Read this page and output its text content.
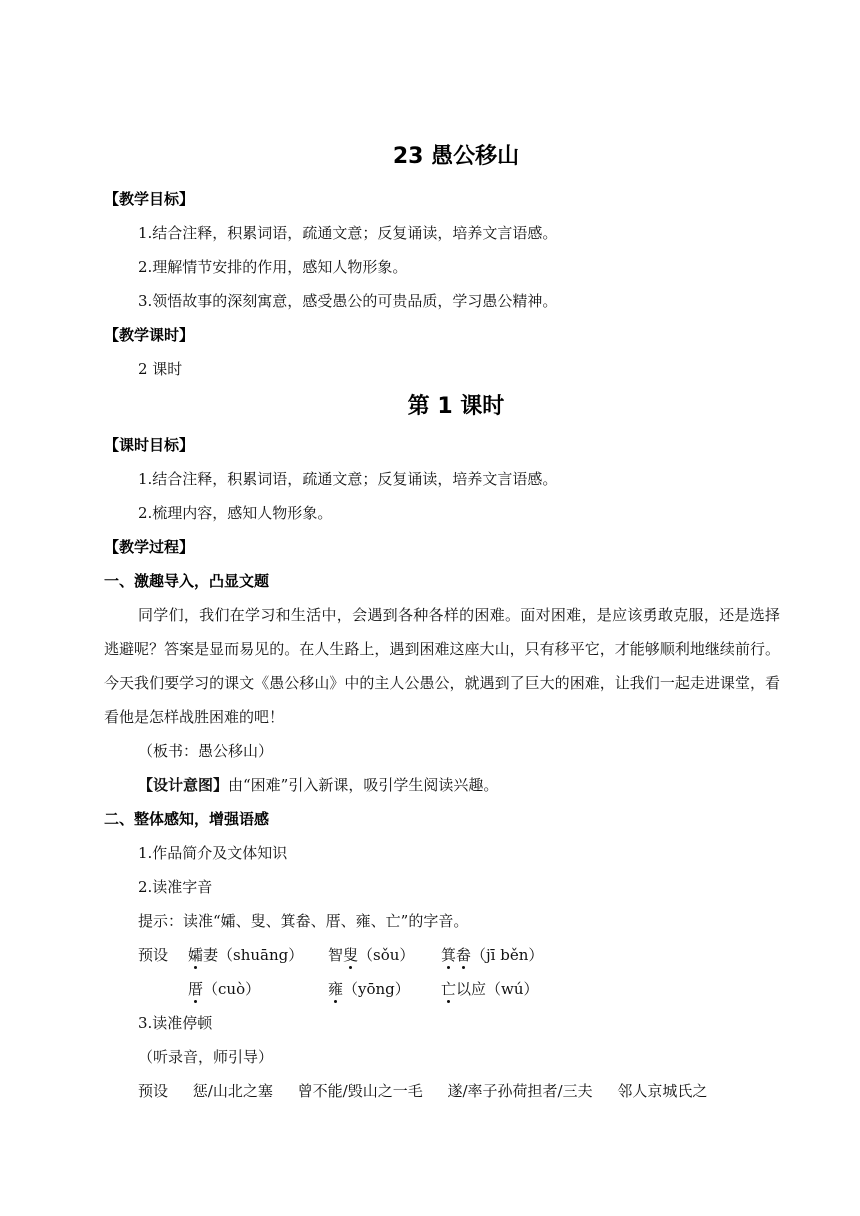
23 愚公移山
【教学目标】
1.结合注释，积累词语，疏通文意；反复诵读，培养文言语感。
2.理解情节安排的作用，感知人物形象。
3.领悟故事的深刻寓意，感受愚公的可贵品质，学习愚公精神。
【教学课时】
2 课时
第 1 课时
【课时目标】
1.结合注释，积累词语，疏通文意；反复诵读，培养文言语感。
2.梳理内容，感知人物形象。
【教学过程】
一、激趣导入，凸显文题
同学们，我们在学习和生活中，会遇到各种各样的困难。面对困难，是应该勇敢克服，还是选择逃避呢？答案是显而易见的。在人生路上，遇到困难这座大山，只有移平它，才能够顺利地继续前行。今天我们要学习的课文《愚公移山》中的主人公愚公，就遇到了巨大的困难，让我们一起走进课堂，看看他是怎样战胜困难的吧！
（板书：愚公移山）
【设计意图】由“困难”引入新课，吸引学生阅读兴趣。
二、整体感知，增强语感
1.作品简介及文体知识
2.读准字音
提示：读准“孀、叟、箕畚、厝、雍、亡”的字音。
预设	孀妻（shuāng）	智叟（sǒu）	箕畚（jī běn）
厝（cuò）	雍（yōng）	亡以应（wú）
3.读准停顿
（听录音，师引导）
预设 惩/山北之塞 曾不能/毁山之一毛 遂/率子孙荷担者/三夫 邻人京城氏之
